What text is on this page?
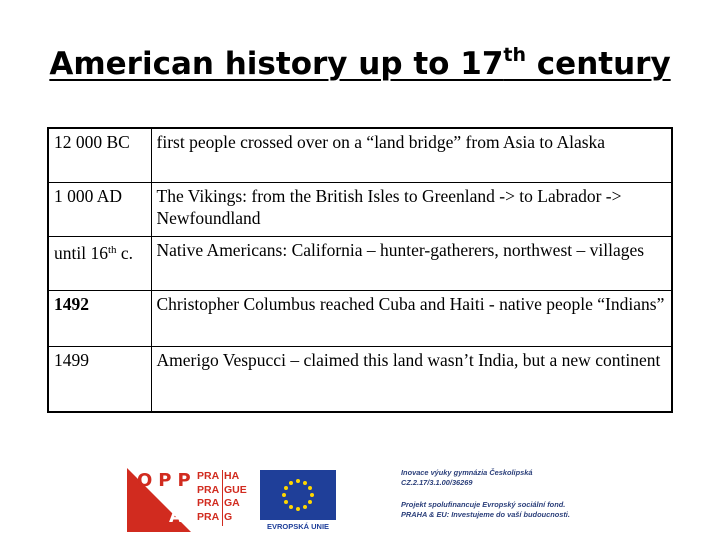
American history up to 17th century
12 000 BC	first people crossed over on a “land bridge” from Asia to Alaska
1 000 AD	The Vikings: from the British Isles to Greenland -> to Labrador -> Newfoundland
until 16th c.	Native Americans: California – hunter-gatherers, northwest – villages
1492	Christopher Columbus reached Cuba and Haiti - native people “Indians”
1499	Amerigo Vespucci – claimed this land wasn’t India, but a new continent
OPP
A
PRA HA
PRA GUE
PRA GA
PRA G
EVROPSKÁ UNIE
Inovace výuky gymnázia Českolipská
CZ.2.17/3.1.00/36269
Projekt spolufinancuje Evropský sociální fond.
PRAHA & EU: Investujeme do vaší budoucnosti.
